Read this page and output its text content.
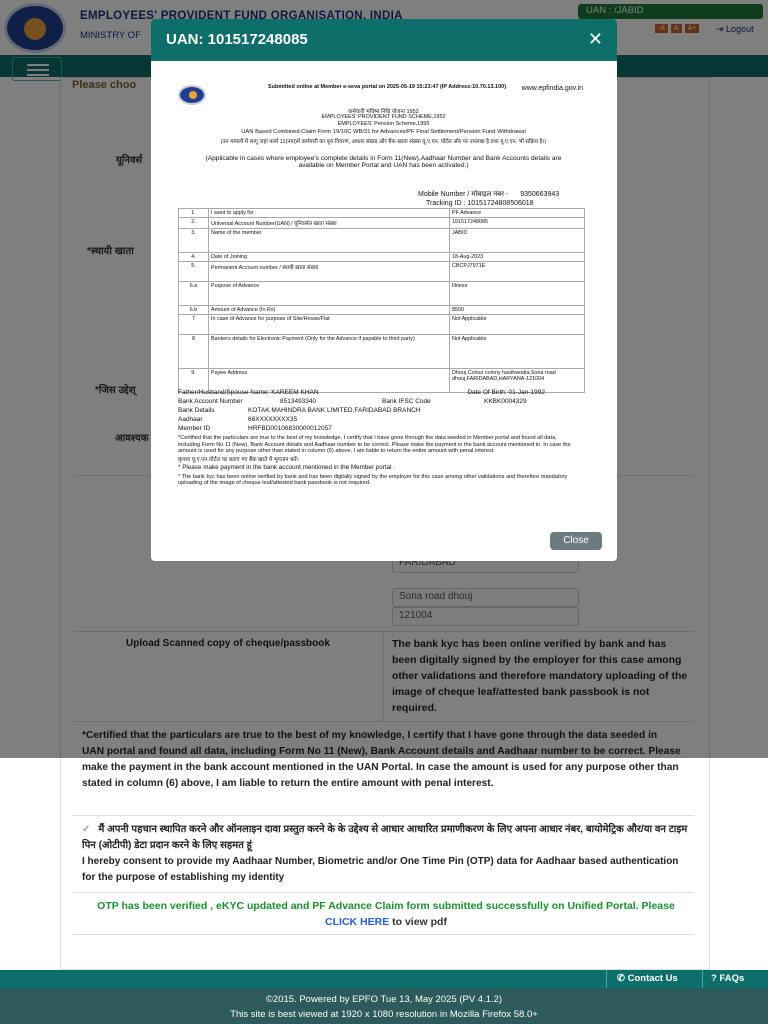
make the payment in the bank account mentioned in the UAN Portal. In case the amount is used for any purpose other than stated in column (6) above, I am liable to return the entire amount with penal interest.
✓ मैं अपनी पहचान स्थापित करने और ऑनलाइन दावा प्रस्तुत करने के के उद्देश्य से आधार आधारित प्रमाणीकरण के लिए अपना आधार नंबर, बायोमेट्रिक और/या वन टाइम पिन (ओटीपी) डेटा प्रदान करने के लिए सहमत हूं
I hereby consent to provide my Aadhaar Number, Biometric and/or One Time Pin (OTP) data for Aadhaar based authentication for the purpose of establishing my identity
OTP has been verified , eKYC updated and PF Advance Claim form submitted successfully on Unified Portal. Please CLICK HERE to view pdf
✆ Contact Us	? FAQs
©2015. Powered by EPFO Tue 13, May 2025 (PV 4.1.2)
This site is best viewed at 1920 x 1080 resolution in Mozilla Firefox 58.0+
UAN: 101517248085	✕
Submitted online at Member e-seva portal on 2025-05-19 15:23:47 (IP Address:10.70.13.100)	www.epfindia.gov.in
कर्मचारी भविष्य निधि योजना 1952
EMPLOYEES' PROVIDENT FUND SCHEME,1952
EMPLOYEES' Pension Scheme,1995
UAN Based Combined Claim Form 19/10C WB/31 for Advances/PF Final Settlement/Pension Fund Withdrawal
(उन मामलों में लागू जहां फार्म 11(नया)में कर्मचारी का पूरा विवरण, आधार संख्या और बैंक खाता संख्या यू.ए.एन. पोर्टल और पर उपलब्ध है तथा यू.ए.एन. भी सक्रिय है।)
(Applicable in cases where employee's complete details in Form 11(New),Aadhaar Number and Bank Accounts details are available on Member Portal and UAN has been activated.)
Mobile Number / मोबाइल नंबर - 9350663943
Tracking ID : 10151724808506018
1.	I want to apply for	PF Advance
2.	Universal Account Number(UAN) / यूनिवर्सल खाता संख्या	101517248085
3.	Name of the member	JABID
4.	Date of Joining	18-Aug-2023
5.	Permanent Account number / स्थायी खाता संख्या	CBCPJ7971E
6.a	Purpose of Advance	Illness
6.b	Amount of Advance (In Rs)	8500
7	In case of Advance for purpose of Site/House/Flat	Not Applicable
8	Bankers details for Electronic Payment (Only for the Advance if payable to third party)	Not Applicable
9.	Payee Address	Dhouj Colour colony hasthwodia,Sona road dhouj,FARIDABAD,HARYANA-121004
Father/Husband/Spouse Name: KAREEM KHAN	Date Of Birth: 01-Jan-1992
Bank Account Number	8513493340	Bank IFSC Code	KKBK0004329
Bank Details	KOTAK MAHINDRA BANK LIMITED,FARIDABAD BRANCH
Aadhaar	68XXXXXXXX35
Member ID	HRFBD00106830000012057
*Certified that the particulars are true to the best of my knowledge, I certify that I have gone through the data seeded in Member portal and found all data, including Form No 11 (New), Bank Account details and Aadhaar number to be correct. Please make the payment in the bank account mentioned in. In case the amount is used for any purpose other than stated in column (6) above, I am liable to return the entire amount with penal interest.
कृपया यू.ए.एन.पोर्टल पर बताए गए बैंक खाते में भुगतान करें।
* Please make payment in the bank account mentioned in the Member portal .
* The bank kyc has been online verified by bank and has been digitally signed by the employer for this case among other validations and therefore mandatory uploading of the image of cheque leaf/attested bank passbook is not required.
Close
